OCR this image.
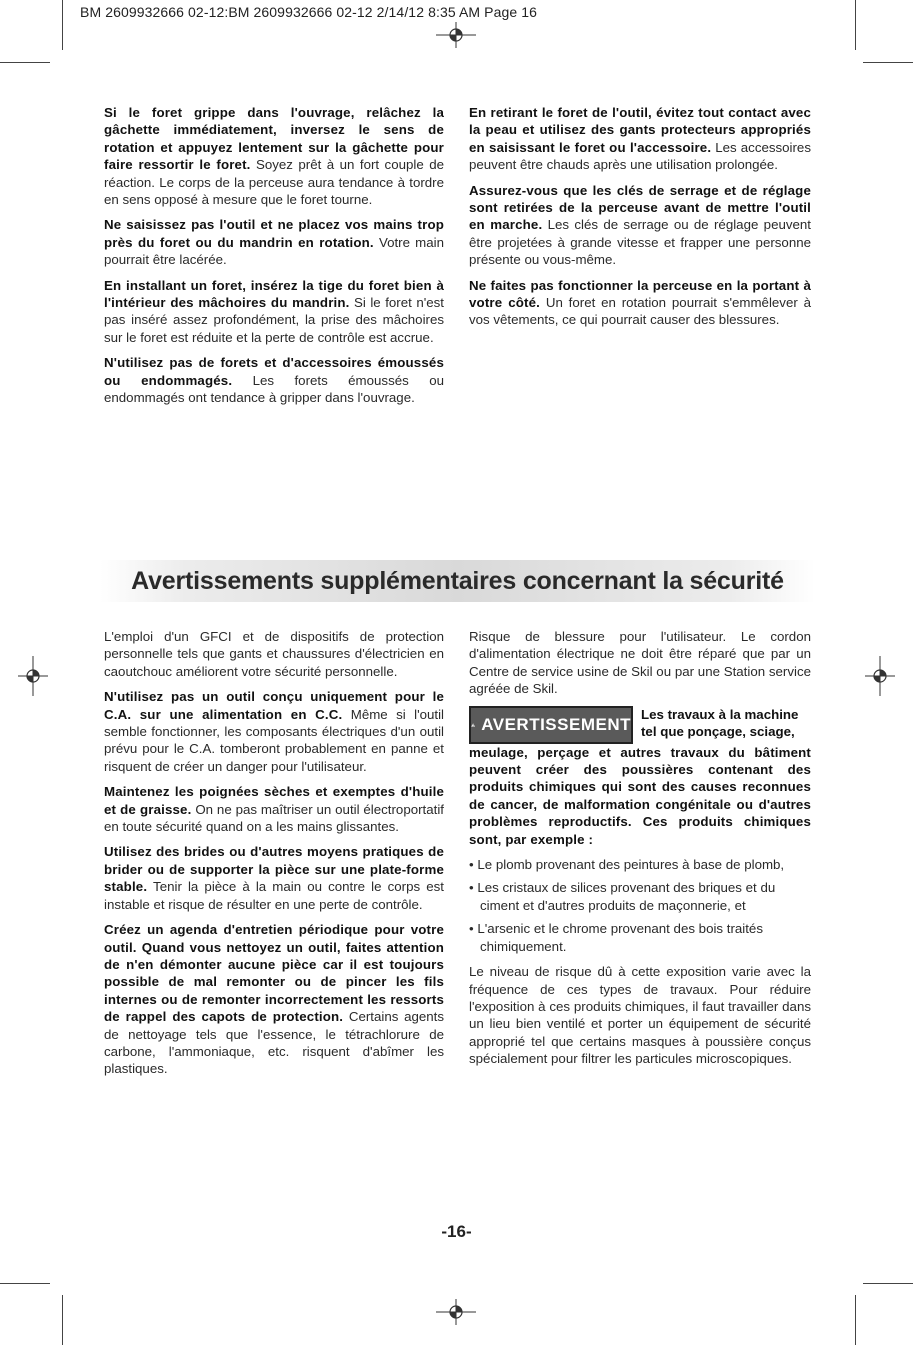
BM 2609932666 02-12:BM 2609932666 02-12 2/14/12 8:35 AM Page 16

Si le foret grippe dans l'ouvrage, relâchez la gâchette immédiatement, inversez le sens de rotation et appuyez lentement sur la gâchette pour faire ressortir le foret. Soyez prêt à un fort couple de réaction. Le corps de la perceuse aura tendance à tordre en sens opposé à mesure que le foret tourne.

Ne saisissez pas l'outil et ne placez vos mains trop près du foret ou du mandrin en rotation. Votre main pourrait être lacérée.

En installant un foret, insérez la tige du foret bien à l'intérieur des mâchoires du mandrin. Si le foret n'est pas inséré assez profondément, la prise des mâchoires sur le foret est réduite et la perte de contrôle est accrue.

N'utilisez pas de forets et d'accessoires émoussés ou endommagés. Les forets émoussés ou endommagés ont tendance à gripper dans l'ouvrage.

En retirant le foret de l'outil, évitez tout contact avec la peau et utilisez des gants protecteurs appropriés en saisissant le foret ou l'accessoire. Les accessoires peuvent être chauds après une utilisation prolongée.

Assurez-vous que les clés de serrage et de réglage sont retirées de la perceuse avant de mettre l'outil en marche. Les clés de serrage ou de réglage peuvent être projetées à grande vitesse et frapper une personne présente ou vous-même.

Ne faites pas fonctionner la perceuse en la portant à votre côté. Un foret en rotation pourrait s'emmêlever à vos vêtements, ce qui pourrait causer des blessures.

Avertissements supplémentaires concernant la sécurité

L'emploi d'un GFCI et de dispositifs de protection personnelle tels que gants et chaussures d'électricien en caoutchouc améliorent votre sécurité personnelle.

N'utilisez pas un outil conçu uniquement pour le C.A. sur une alimentation en C.C. Même si l'outil semble fonctionner, les composants électriques d'un outil prévu pour le C.A. tomberont probablement en panne et risquent de créer un danger pour l'utilisateur.

Maintenez les poignées sèches et exemptes d'huile et de graisse. On ne pas maîtriser un outil électroportatif en toute sécurité quand on a les mains glissantes.

Utilisez des brides ou d'autres moyens pratiques de brider ou de supporter la pièce sur une plate-forme stable. Tenir la pièce à la main ou contre le corps est instable et risque de résulter en une perte de contrôle.

Créez un agenda d'entretien périodique pour votre outil. Quand vous nettoyez un outil, faites attention de n'en démonter aucune pièce car il est toujours possible de mal remonter ou de pincer les fils internes ou de remonter incorrectement les ressorts de rappel des capots de protection. Certains agents de nettoyage tels que l'essence, le tétrachlorure de carbone, l'ammoniaque, etc. risquent d'abîmer les plastiques.

Risque de blessure pour l'utilisateur. Le cordon d'alimentation électrique ne doit être réparé que par un Centre de service usine de Skil ou par une Station service agréée de Skil.

AVERTISSEMENT
Les travaux à la machine tel que ponçage, sciage,

meulage, perçage et autres travaux du bâtiment peuvent créer des poussières contenant des produits chimiques qui sont des causes reconnues de cancer, de malformation congénitale ou d'autres problèmes reproductifs. Ces produits chimiques sont, par exemple :

• Le plomb provenant des peintures à base de plomb,
• Les cristaux de silices provenant des briques et du ciment et d'autres produits de maçonnerie, et
• L'arsenic et le chrome provenant des bois traités chimiquement.

Le niveau de risque dû à cette exposition varie avec la fréquence de ces types de travaux. Pour réduire l'exposition à ces produits chimiques, il faut travailler dans un lieu bien ventilé et porter un équipement de sécurité approprié tel que certains masques à poussière conçus spécialement pour filtrer les particules microscopiques.

-16-
